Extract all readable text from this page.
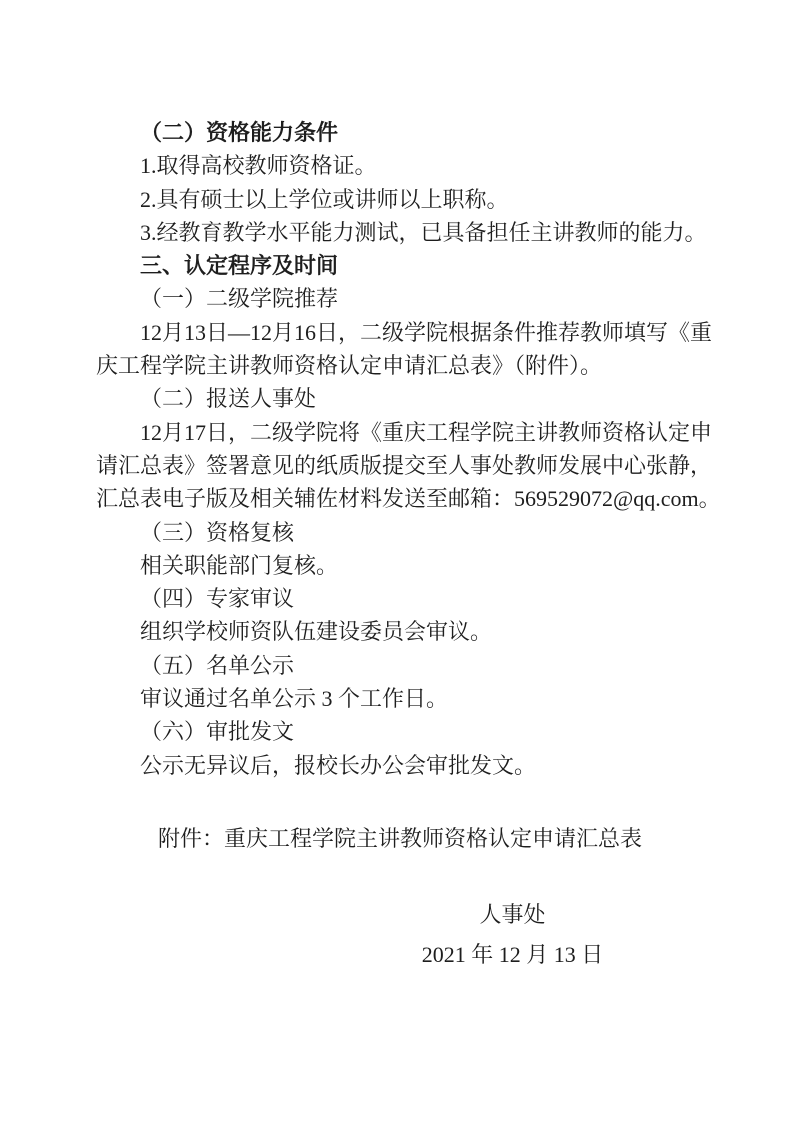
（二）资格能力条件
1.取得高校教师资格证。
2.具有硕士以上学位或讲师以上职称。
3.经教育教学水平能力测试，已具备担任主讲教师的能力。
三、认定程序及时间
（一）二级学院推荐
12月13日—12月16日，二级学院根据条件推荐教师填写《重
庆工程学院主讲教师资格认定申请汇总表》（附件）。
（二）报送人事处
12月17日，二级学院将《重庆工程学院主讲教师资格认定申
请汇总表》签署意见的纸质版提交至人事处教师发展中心张静，
汇总表电子版及相关辅佐材料发送至邮箱：569529072@qq.com。
（三）资格复核
相关职能部门复核。
（四）专家审议
组织学校师资队伍建设委员会审议。
（五）名单公示
审议通过名单公示 3 个工作日。
（六）审批发文
公示无异议后，报校长办公会审批发文。
附件：重庆工程学院主讲教师资格认定申请汇总表
人事处
2021 年 12 月 13 日
